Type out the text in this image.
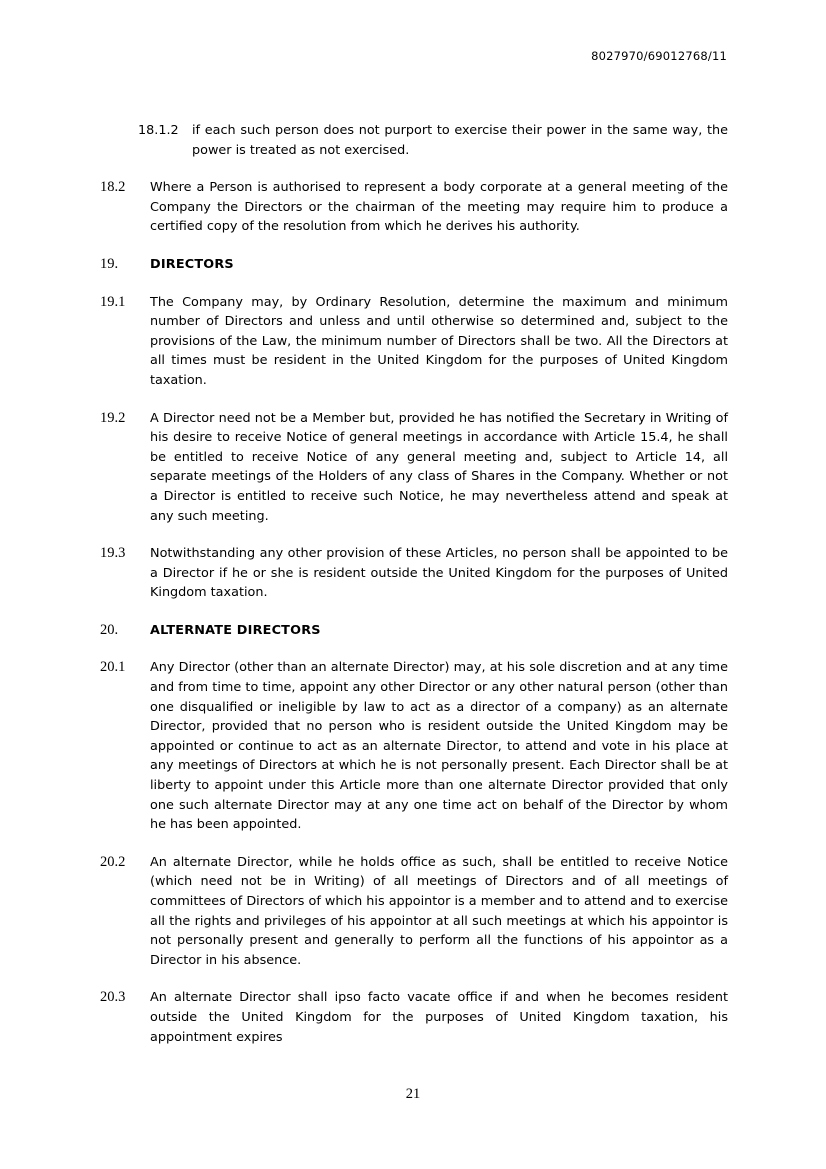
8027970/69012768/11
18.1.2	if each such person does not purport to exercise their power in the same way, the power is treated as not exercised.
18.2	Where a Person is authorised to represent a body corporate at a general meeting of the Company the Directors or the chairman of the meeting may require him to produce a certified copy of the resolution from which he derives his authority.
19.	DIRECTORS
19.1	The Company may, by Ordinary Resolution, determine the maximum and minimum number of Directors and unless and until otherwise so determined and, subject to the provisions of the Law, the minimum number of Directors shall be two. All the Directors at all times must be resident in the United Kingdom for the purposes of United Kingdom taxation.
19.2	A Director need not be a Member but, provided he has notified the Secretary in Writing of his desire to receive Notice of general meetings in accordance with Article 15.4, he shall be entitled to receive Notice of any general meeting and, subject to Article 14, all separate meetings of the Holders of any class of Shares in the Company. Whether or not a Director is entitled to receive such Notice, he may nevertheless attend and speak at any such meeting.
19.3	Notwithstanding any other provision of these Articles, no person shall be appointed to be a Director if he or she is resident outside the United Kingdom for the purposes of United Kingdom taxation.
20.	ALTERNATE DIRECTORS
20.1	Any Director (other than an alternate Director) may, at his sole discretion and at any time and from time to time, appoint any other Director or any other natural person (other than one disqualified or ineligible by law to act as a director of a company) as an alternate Director, provided that no person who is resident outside the United Kingdom may be appointed or continue to act as an alternate Director, to attend and vote in his place at any meetings of Directors at which he is not personally present. Each Director shall be at liberty to appoint under this Article more than one alternate Director provided that only one such alternate Director may at any one time act on behalf of the Director by whom he has been appointed.
20.2	An alternate Director, while he holds office as such, shall be entitled to receive Notice (which need not be in Writing) of all meetings of Directors and of all meetings of committees of Directors of which his appointor is a member and to attend and to exercise all the rights and privileges of his appointor at all such meetings at which his appointor is not personally present and generally to perform all the functions of his appointor as a Director in his absence.
20.3	An alternate Director shall ipso facto vacate office if and when he becomes resident outside the United Kingdom for the purposes of United Kingdom taxation, his appointment expires
21
